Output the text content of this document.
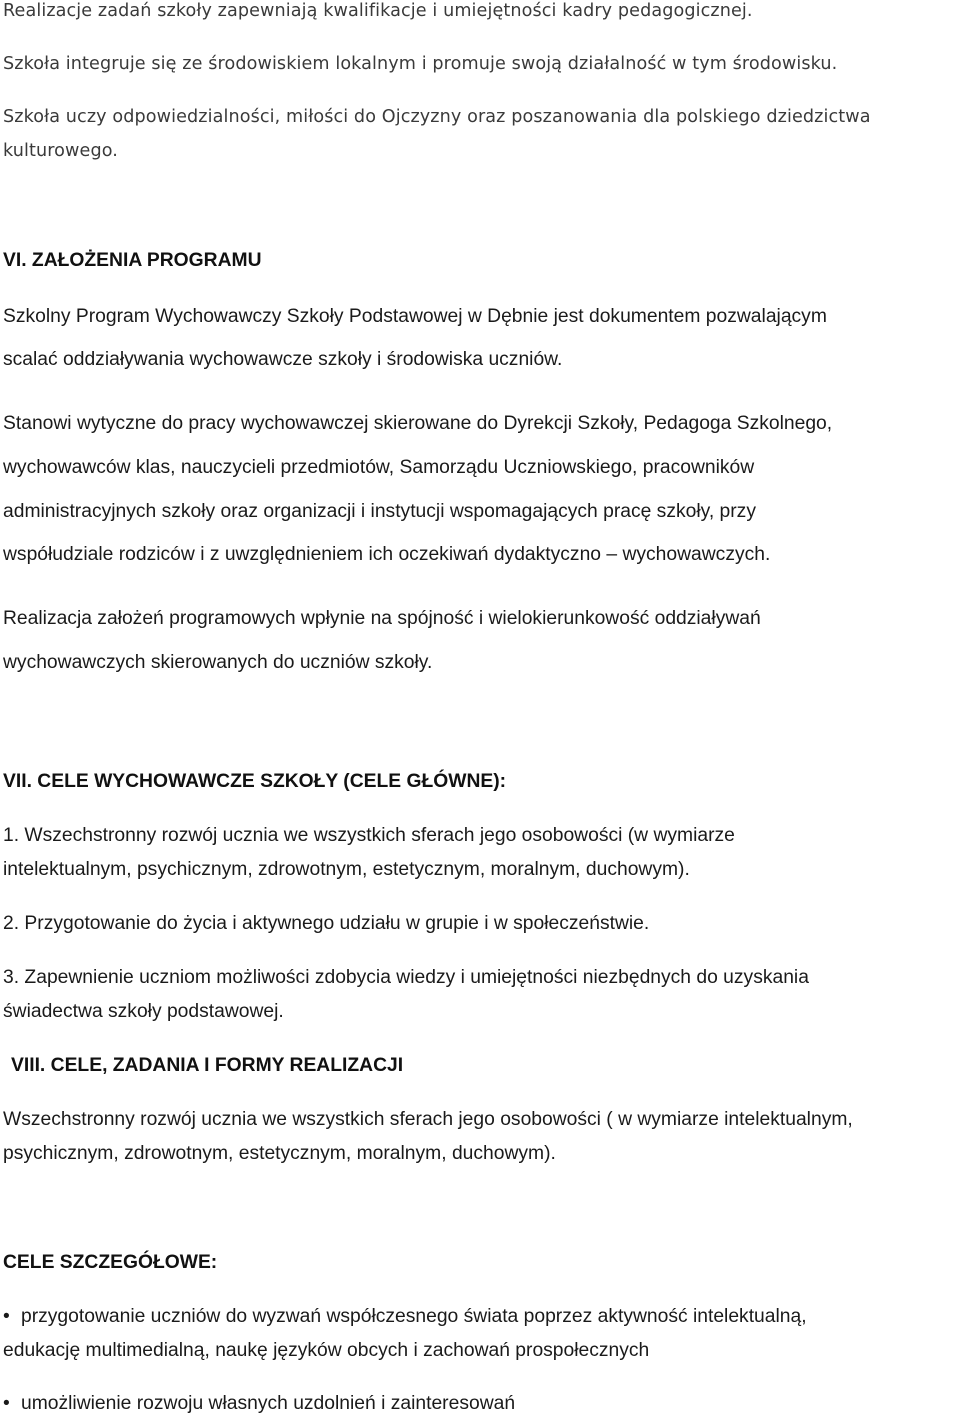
Realizacje zadań szkoły zapewniają kwalifikacje i umiejętności kadry pedagogicznej.
Szkoła integruje się ze środowiskiem lokalnym i promuje swoją działalność w tym środowisku.
Szkoła uczy odpowiedzialności, miłości do Ojczyzny oraz poszanowania dla polskiego dziedzictwa
kulturowego.
VI. ZAŁOŻENIA PROGRAMU
Szkolny Program Wychowawczy Szkoły Podstawowej w Dębnie jest dokumentem pozwalającym
scalać oddziaływania wychowawcze szkoły i środowiska uczniów.
Stanowi wytyczne do pracy wychowawczej skierowane do Dyrekcji Szkoły, Pedagoga Szkolnego,
wychowawców klas, nauczycieli przedmiotów, Samorządu Uczniowskiego, pracowników
administracyjnych szkoły oraz organizacji i instytucji wspomagających pracę szkoły, przy
współudziale rodziców i z uwzględnieniem ich oczekiwań dydaktyczno – wychowawczych.
Realizacja założeń programowych wpłynie na spójność i wielokierunkowość oddziaływań
wychowawczych skierowanych do uczniów szkoły.
VII. CELE WYCHOWAWCZE SZKOŁY (CELE GŁÓWNE):
1. Wszechstronny rozwój ucznia we wszystkich sferach jego osobowości (w wymiarze
intelektualnym, psychicznym, zdrowotnym, estetycznym, moralnym, duchowym).
2. Przygotowanie do życia i aktywnego udziału w grupie i w społeczeństwie.
3. Zapewnienie uczniom możliwości zdobycia wiedzy i umiejętności niezbędnych do uzyskania
świadectwa szkoły podstawowej.
VIII. CELE, ZADANIA I FORMY REALIZACJI
Wszechstronny rozwój ucznia we wszystkich sferach jego osobowości ( w wymiarze intelektualnym,
psychicznym, zdrowotnym, estetycznym, moralnym, duchowym).
CELE SZCZEGÓŁOWE:
• przygotowanie uczniów do wyzwań współczesnego świata poprzez aktywność intelektualną,
edukację multimedialną, naukę języków obcych i zachowań prospołecznych
• umożliwienie rozwoju własnych uzdolnień i zainteresowań
